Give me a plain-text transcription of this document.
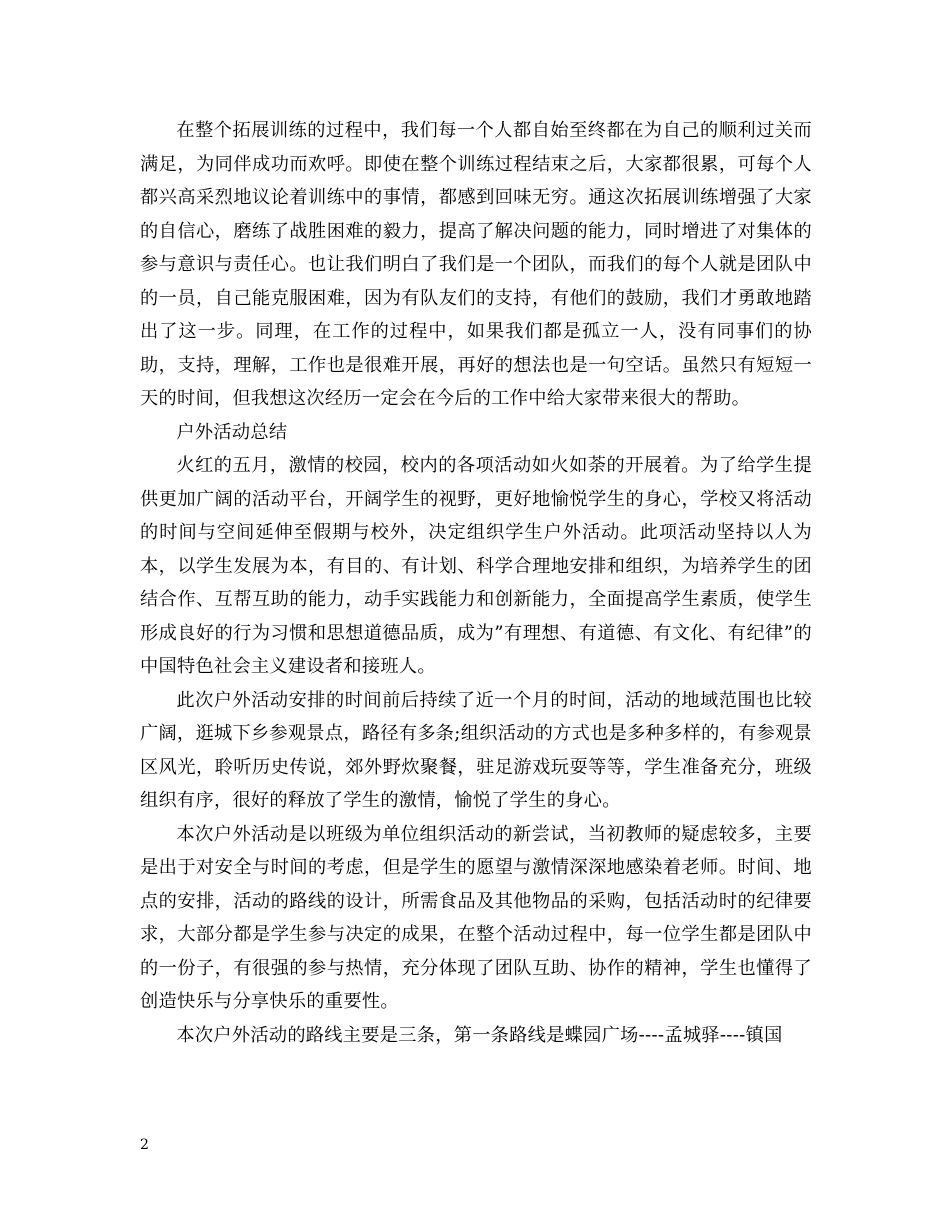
在整个拓展训练的过程中，我们每一个人都自始至终都在为自己的顺利过关而满足，为同伴成功而欢呼。即使在整个训练过程结束之后，大家都很累，可每个人都兴高采烈地议论着训练中的事情，都感到回味无穷。通这次拓展训练增强了大家的自信心，磨练了战胜困难的毅力，提高了解决问题的能力，同时增进了对集体的参与意识与责任心。也让我们明白了我们是一个团队，而我们的每个人就是团队中的一员，自己能克服困难，因为有队友们的支持，有他们的鼓励，我们才勇敢地踏出了这一步。同理，在工作的过程中，如果我们都是孤立一人，没有同事们的协助，支持，理解，工作也是很难开展，再好的想法也是一句空话。虽然只有短短一天的时间，但我想这次经历一定会在今后的工作中给大家带来很大的帮助。

户外活动总结

火红的五月，激情的校园，校内的各项活动如火如荼的开展着。为了给学生提供更加广阔的活动平台，开阔学生的视野，更好地愉悦学生的身心，学校又将活动的时间与空间延伸至假期与校外，决定组织学生户外活动。此项活动坚持以人为本，以学生发展为本，有目的、有计划、科学合理地安排和组织，为培养学生的团结合作、互帮互助的能力，动手实践能力和创新能力，全面提高学生素质，使学生形成良好的行为习惯和思想道德品质，成为”有理想、有道德、有文化、有纪律”的中国特色社会主义建设者和接班人。

此次户外活动安排的时间前后持续了近一个月的时间，活动的地域范围也比较广阔，逛城下乡参观景点，路径有多条;组织活动的方式也是多种多样的，有参观景区风光，聆听历史传说，郊外野炊聚餐，驻足游戏玩耍等等，学生准备充分，班级组织有序，很好的释放了学生的激情，愉悦了学生的身心。

本次户外活动是以班级为单位组织活动的新尝试，当初教师的疑虑较多，主要是出于对安全与时间的考虑，但是学生的愿望与激情深深地感染着老师。时间、地点的安排，活动的路线的设计，所需食品及其他物品的采购，包括活动时的纪律要求，大部分都是学生参与决定的成果，在整个活动过程中，每一位学生都是团队中的一份子，有很强的参与热情，充分体现了团队互助、协作的精神，学生也懂得了创造快乐与分享快乐的重要性。

本次户外活动的路线主要是三条，第一条路线是蝶园广场----孟城驿----镇国

2
